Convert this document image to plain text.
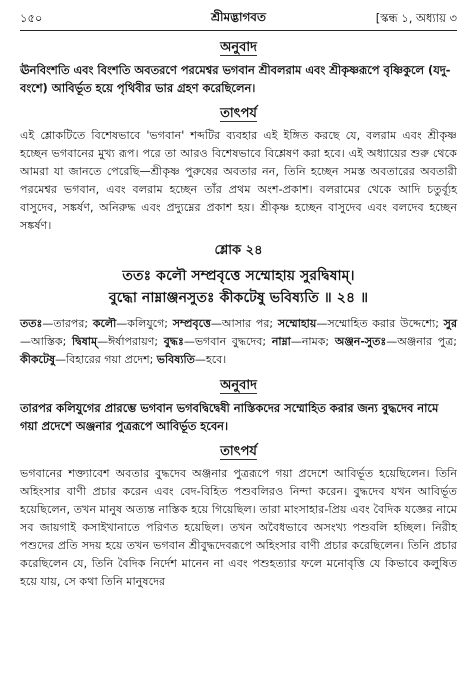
১৫০	শ্রীমদ্ভাগবত	[স্কন্ধ ১, অধ্যায় ৩
অনুবাদ
ঊনবিংশতি এবং বিংশতি অবতরণে পরমেশ্বর ভগবান শ্রীবলরাম এবং শ্রীকৃষ্ণরূপে বৃষ্ণিকুলে (যদু-বংশে) আবির্ভূত হয়ে পৃথিবীর ভার গ্রহণ করেছিলেন।
তাৎপর্য
এই শ্লোকটিতে বিশেষভাবে 'ভগবান' শব্দটির ব্যবহার এই ইঙ্গিত করছে যে, বলরাম এবং শ্রীকৃষ্ণ হচ্ছেন ভগবানের মুখ্য রূপ। পরে তা আরও বিশেষভাবে বিশ্লেষণ করা হবে। এই অধ্যায়ের শুরু থেকে আমরা যা জানতে পেরেছি—শ্রীকৃষ্ণ পুরুষের অবতার নন, তিনি হচ্ছেন সমস্ত অবতারের অবতারী পরমেশ্বর ভগবান, এবং বলরাম হচ্ছেন তাঁর প্রথম অংশ-প্রকাশ। বলরামের থেকে আদি চতুর্ব্যূহ বাসুদেব, সঙ্কর্ষণ, অনিরুদ্ধ এবং প্রদ্যুম্নের প্রকাশ হয়। শ্রীকৃষ্ণ হচ্ছেন বাসুদেব এবং বলদেব হচ্ছেন সঙ্কর্ষণ।
শ্লোক ২৪
ততঃ কলৌ সম্প্রবৃত্তে সম্মোহায় সুরদ্বিষাম্।
বুদ্ধো নাম্নাঞ্জনসুতঃ কীকটেষু ভবিষ্যতি ॥ ২৪ ॥
ততঃ—তারপর; কলৌ—কলিযুগে; সম্প্রবৃত্তে—আসার পর; সম্মোহায়—সম্মোহিত করার উদ্দেশ্যে; সুর—আস্তিক; দ্বিষাম্—ঈর্ষাপরায়ণ; বুদ্ধঃ—ভগবান বুদ্ধদেব; নাম্না—নামক; অঞ্জন-সুতঃ—অঞ্জনার পুত্র; কীকটেষু—বিহারের গয়া প্রদেশ; ভবিষ্যতি—হবে।
অনুবাদ
তারপর কলিযুগের প্রারম্ভে ভগবান ভগবদ্বিদ্বেষী নাস্তিকদের সম্মোহিত করার জন্য বুদ্ধদেব নামে গয়া প্রদেশে অঞ্জনার পুত্ররূপে আবির্ভূত হবেন।
তাৎপর্য
ভগবানের শক্ত্যাবেশ অবতার বুদ্ধদেব অঞ্জনার পুত্ররূপে গয়া প্রদেশে আবির্ভূত হয়েছিলেন। তিনি অহিংসার বাণী প্রচার করেন এবং বেদ-বিহিত পশুবলিরও নিন্দা করেন। বুদ্ধদেব যখন আবির্ভূত হয়েছিলেন, তখন মানুষ অত্যন্ত নাস্তিক হয়ে গিয়েছিল। তারা মাংসাহার-প্রিয় এবং বৈদিক যজ্ঞের নামে সব জায়গাই কসাইখানাতে পরিণত হয়েছিল। তখন অবৈধভাবে অসংখ্য পশুবলি হচ্ছিল। নিরীহ পশুদের প্রতি সদয় হয়ে তখন ভগবান শ্রীবুদ্ধদেবরূপে অহিংসার বাণী প্রচার করেছিলেন। তিনি প্রচার করেছিলেন যে, তিনি বৈদিক নির্দেশ মানেন না এবং পশুহত্যার ফলে মনোবৃত্তি যে কিভাবে কলুষিত হয়ে যায়, সে কথা তিনি মানুষদের
